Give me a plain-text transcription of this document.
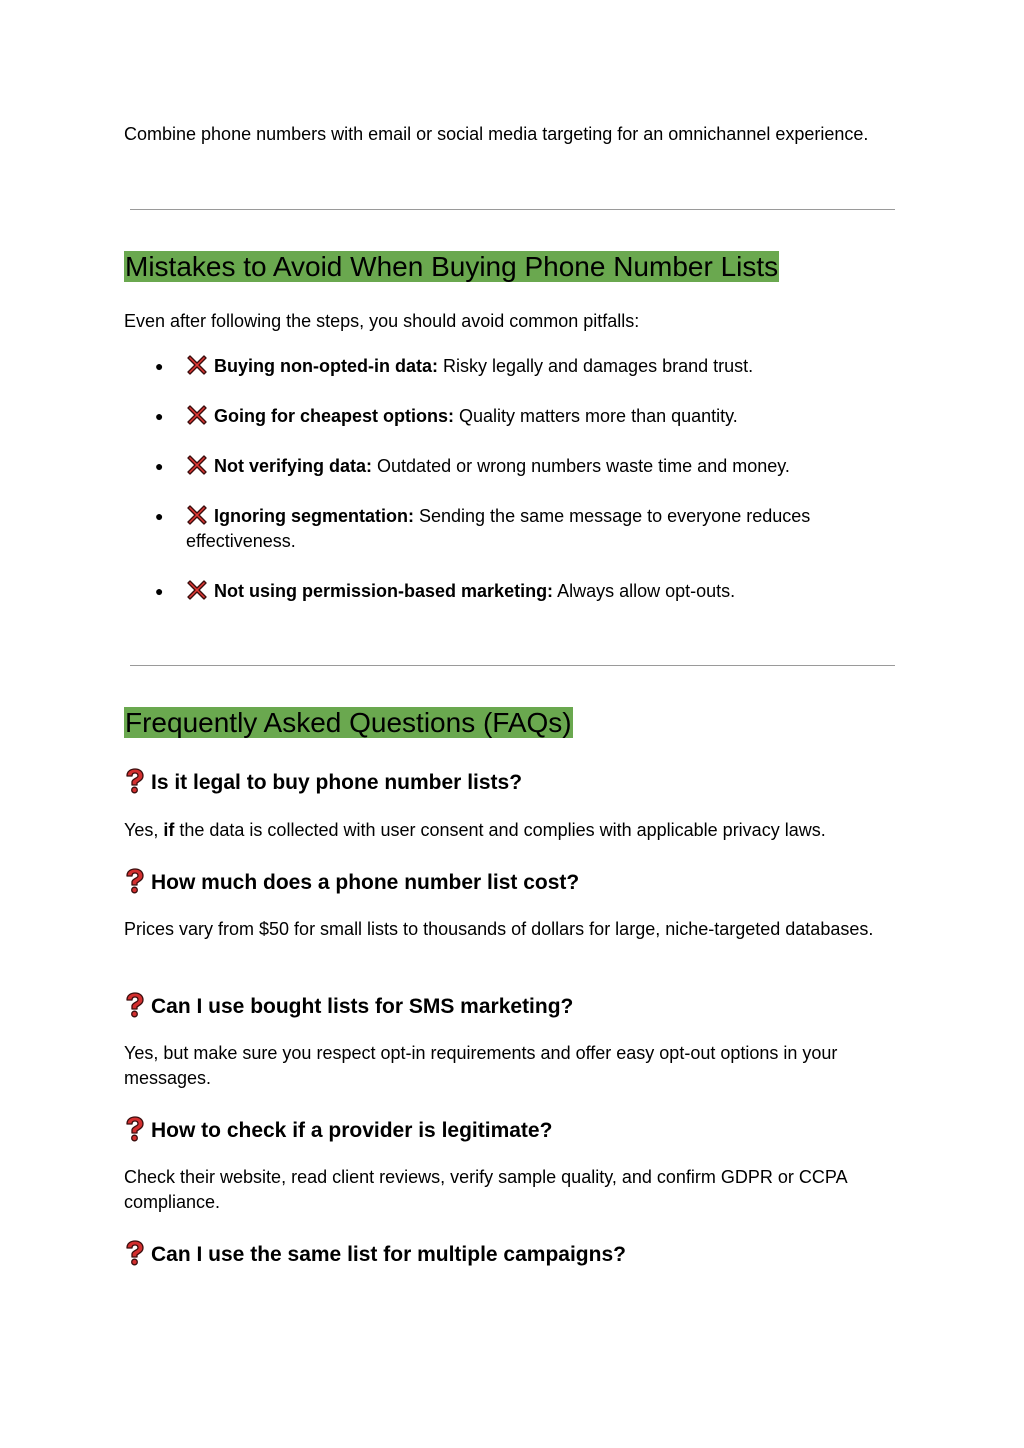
Combine phone numbers with email or social media targeting for an omnichannel experience.

Mistakes to Avoid When Buying Phone Number Lists

Even after following the steps, you should avoid common pitfalls:

●	Buying non-opted-in data: Risky legally and damages brand trust.
●	Going for cheapest options: Quality matters more than quantity.
●	Not verifying data: Outdated or wrong numbers waste time and money.
●	Ignoring segmentation: Sending the same message to everyone reduces effectiveness.
●	Not using permission-based marketing: Always allow opt-outs.
Frequently Asked Questions (FAQs)
Is it legal to buy phone number lists?

Yes, if the data is collected with user consent and complies with applicable privacy laws.

How much does a phone number list cost?

Prices vary from $50 for small lists to thousands of dollars for large, niche-targeted databases.

Can I use bought lists for SMS marketing?

Yes, but make sure you respect opt-in requirements and offer easy opt-out options in your messages.

How to check if a provider is legitimate?

Check their website, read client reviews, verify sample quality, and confirm GDPR or CCPA compliance.

Can I use the same list for multiple campaigns?
